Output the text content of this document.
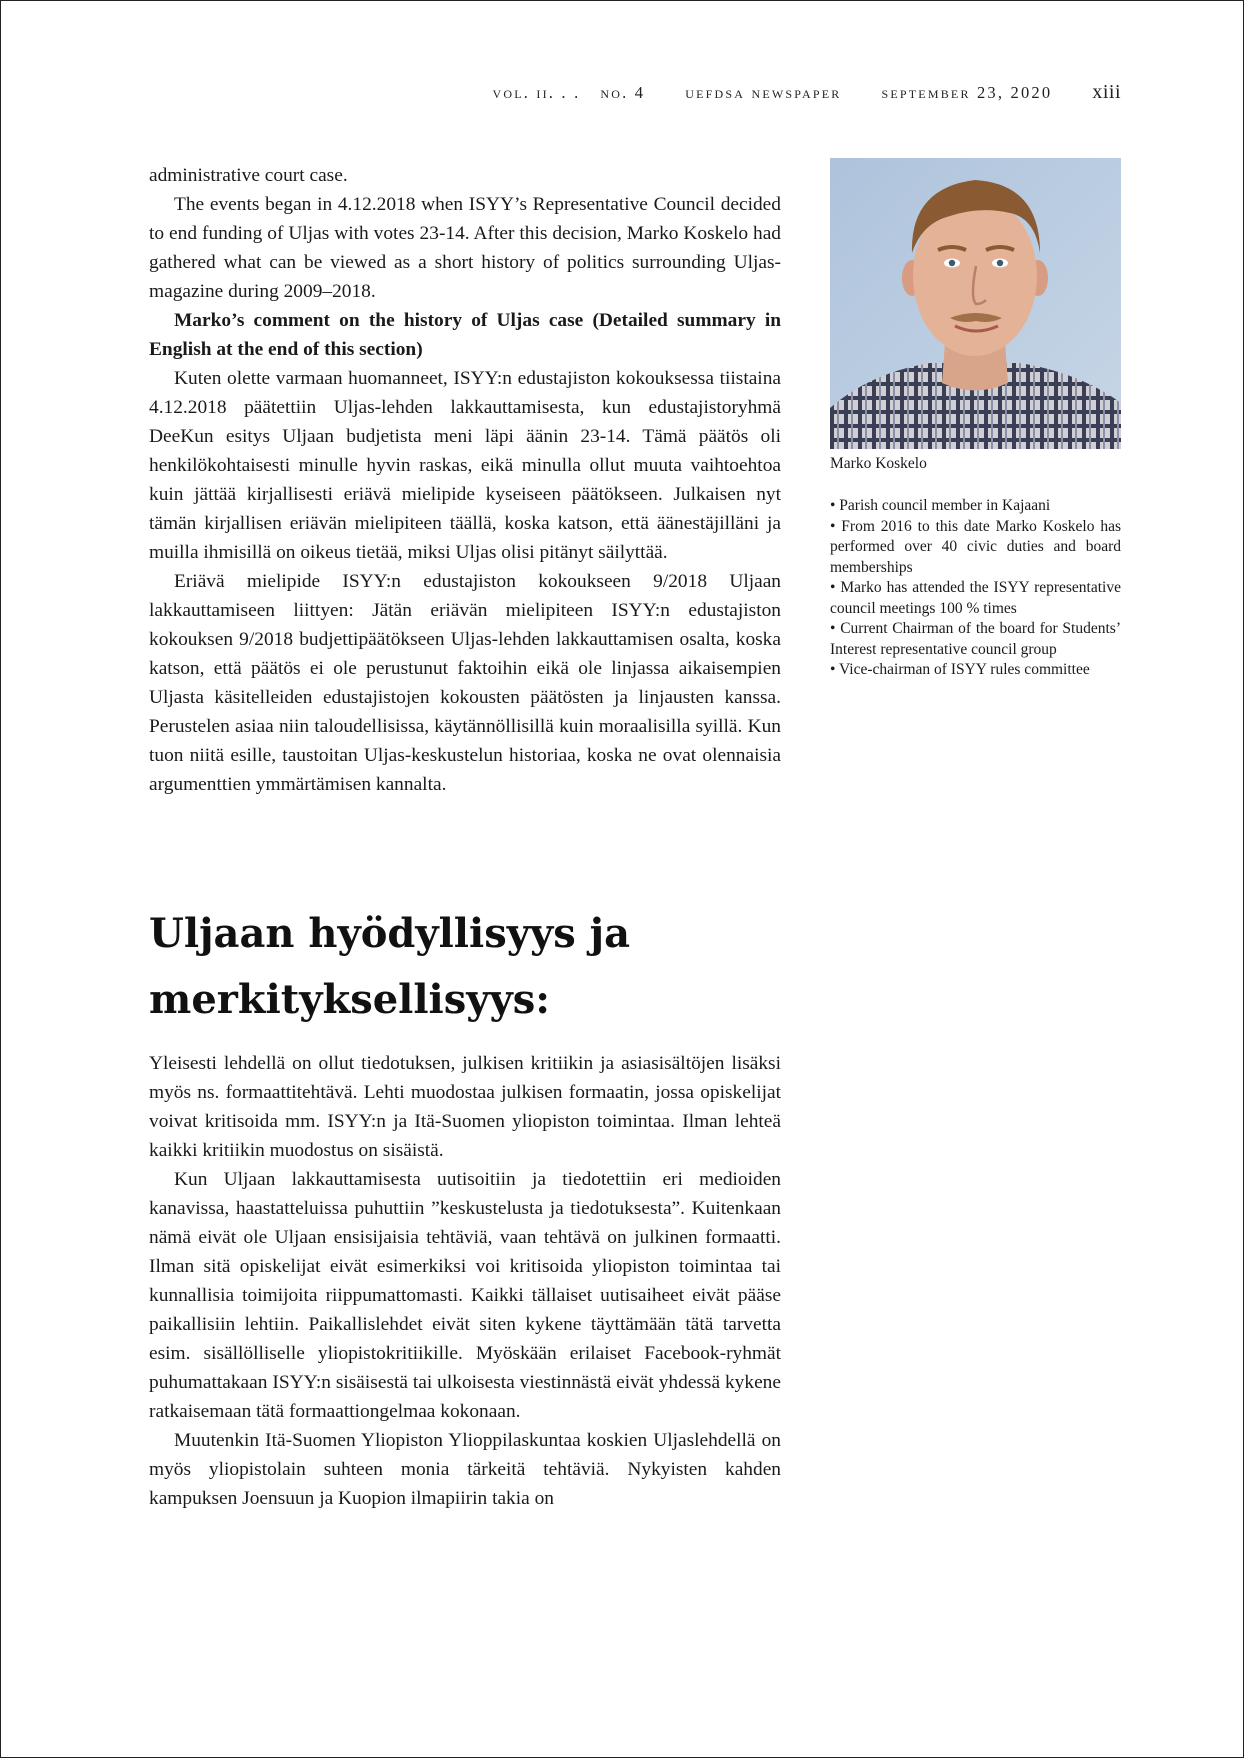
vol. ii. . . no. 4 uefdsa newspaper september 23, 2020 xiii

administrative court case.

The events began in 4.12.2018 when ISYY’s Representative Council decided to end funding of Uljas with votes 23-14. After this decision, Marko Koskelo had gathered what can be viewed as a short history of politics surrounding Uljas-magazine during 2009–2018.

Marko’s comment on the history of Uljas case (Detailed summary in English at the end of this section)

Kuten olette varmaan huomanneet, ISYY:n edustajiston kokouksessa tiistaina 4.12.2018 päätettiin Uljas-lehden lakkauttamisesta, kun edustajistoryhmä DeeKun esitys Uljaan budjetista meni läpi äänin 23-14. Tämä päätös oli henkilökohtaisesti minulle hyvin raskas, eikä minulla ollut muuta vaihtoehtoa kuin jättää kirjallisesti eriävä mielipide kyseiseen päätökseen. Julkaisen nyt tämän kirjallisen eriävän mielipiteen täällä, koska katson, että äänestäjilläni ja muilla ihmisillä on oikeus tietää, miksi Uljas olisi pitänyt säilyttää.

Eriävä mielipide ISYY:n edustajiston kokoukseen 9/2018 Uljaan lakkauttamiseen liittyen: Jätän eriävän mielipiteen ISYY:n edustajiston kokouksen 9/2018 budjettipäätökseen Uljas-lehden lakkauttamisen osalta, koska katson, että päätös ei ole perustunut faktoihin eikä ole linjassa aikaisempien Uljasta käsitelleiden edustajistojen kokousten päätösten ja linjausten kanssa. Perustelen asiaa niin taloudellisissa, käytännöllisillä kuin moraalisilla syillä. Kun tuon niitä esille, taustoitan Uljas-keskustelun historiaa, koska ne ovat olennaisia argumenttien ymmärtämisen kannalta.

Uljaan hyödyllisyys ja merkityksellisyys:

Yleisesti lehdellä on ollut tiedotuksen, julkisen kritiikin ja asiasisältöjen lisäksi myös ns. formaattitehtävä. Lehti muodostaa julkisen formaatin, jossa opiskelijat voivat kritisoida mm. ISYY:n ja Itä-Suomen yliopiston toimintaa. Ilman lehteä kaikki kritiikin muodostus on sisäistä.

Kun Uljaan lakkauttamisesta uutisoitiin ja tiedotettiin eri medioiden kanavissa, haastatteluissa puhuttiin ”keskustelusta ja tiedotuksesta”. Kuitenkaan nämä eivät ole Uljaan ensisijaisia tehtäviä, vaan tehtävä on julkinen formaatti. Ilman sitä opiskelijat eivät esimerkiksi voi kritisoida yliopiston toimintaa tai kunnallisia toimijoita riippumattomasti. Kaikki tällaiset uutisaiheet eivät pääse paikallisiin lehtiin. Paikallislehdet eivät siten kykene täyttämään tätä tarvetta esim. sisällölliselle yliopistokritiikille. Myöskään erilaiset Facebook-ryhmät puhumattakaan ISYY:n sisäisestä tai ulkoisesta viestinnästä eivät yhdessä kykene ratkaisemaan tätä formaattiongelmaa kokonaan.

Muutenkin Itä-Suomen Yliopiston Ylioppilaskuntaa koskien Uljaslehdellä on myös yliopistolain suhteen monia tärkeitä tehtäviä. Nykyisten kahden kampuksen Joensuun ja Kuopion ilmapiirin takia on

Marko Koskelo

• Parish council member in Kajaani

• From 2016 to this date Marko Koskelo has performed over 40 civic duties and board memberships

• Marko has attended the ISYY representative council meetings 100 % times

• Current Chairman of the board for Students’ Interest representative council group

• Vice-chairman of ISYY rules committee
